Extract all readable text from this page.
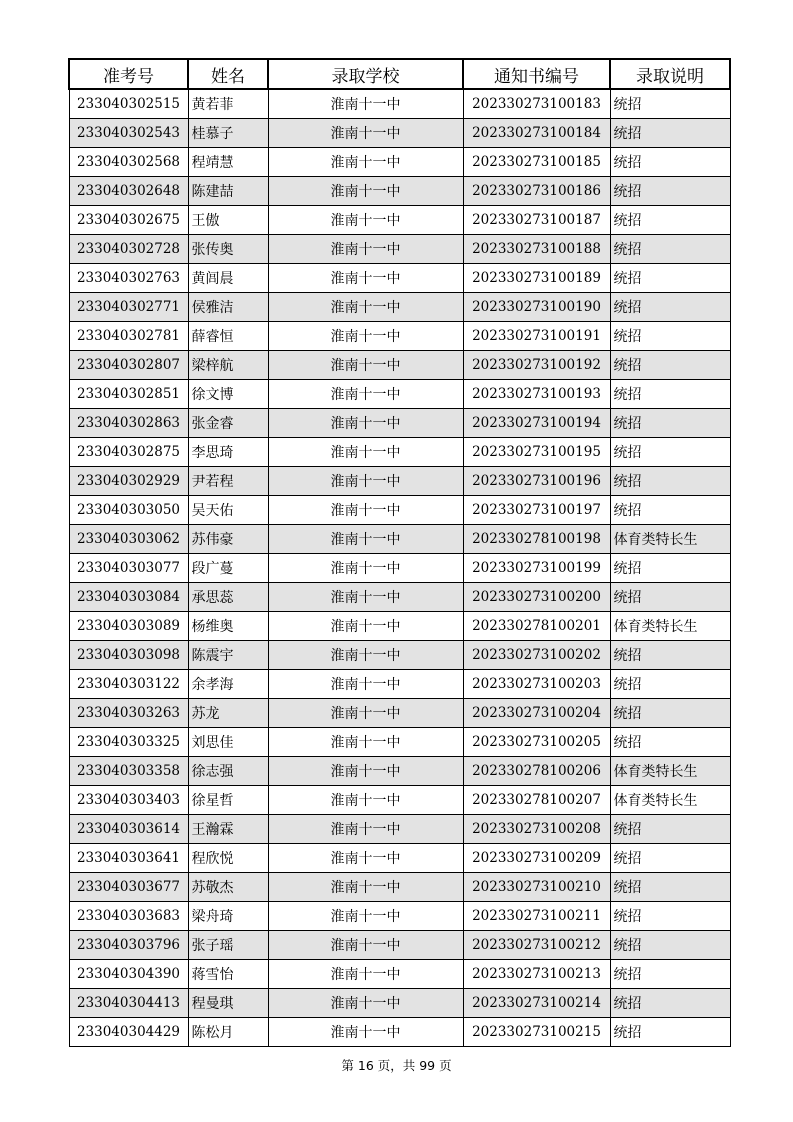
准考号	姓名	录取学校	通知书编号	录取说明
233040302515	黄若菲	淮南十一中	202330273100183	统招
233040302543	桂慕子	淮南十一中	202330273100184	统招
233040302568	程靖慧	淮南十一中	202330273100185	统招
233040302648	陈建喆	淮南十一中	202330273100186	统招
233040302675	王傲	淮南十一中	202330273100187	统招
233040302728	张传奥	淮南十一中	202330273100188	统招
233040302763	黄闾晨	淮南十一中	202330273100189	统招
233040302771	侯雅洁	淮南十一中	202330273100190	统招
233040302781	薛睿恒	淮南十一中	202330273100191	统招
233040302807	梁梓航	淮南十一中	202330273100192	统招
233040302851	徐文博	淮南十一中	202330273100193	统招
233040302863	张金睿	淮南十一中	202330273100194	统招
233040302875	李思琦	淮南十一中	202330273100195	统招
233040302929	尹若程	淮南十一中	202330273100196	统招
233040303050	吴天佑	淮南十一中	202330273100197	统招
233040303062	苏伟豪	淮南十一中	202330278100198	体育类特长生
233040303077	段广蔓	淮南十一中	202330273100199	统招
233040303084	承思蕊	淮南十一中	202330273100200	统招
233040303089	杨维奥	淮南十一中	202330278100201	体育类特长生
233040303098	陈震宇	淮南十一中	202330273100202	统招
233040303122	余孝海	淮南十一中	202330273100203	统招
233040303263	苏龙	淮南十一中	202330273100204	统招
233040303325	刘思佳	淮南十一中	202330273100205	统招
233040303358	徐志强	淮南十一中	202330278100206	体育类特长生
233040303403	徐星哲	淮南十一中	202330278100207	体育类特长生
233040303614	王瀚霖	淮南十一中	202330273100208	统招
233040303641	程欣悦	淮南十一中	202330273100209	统招
233040303677	苏敬杰	淮南十一中	202330273100210	统招
233040303683	梁舟琦	淮南十一中	202330273100211	统招
233040303796	张子瑶	淮南十一中	202330273100212	统招
233040304390	蒋雪怡	淮南十一中	202330273100213	统招
233040304413	程曼琪	淮南十一中	202330273100214	统招
233040304429	陈松月	淮南十一中	202330273100215	统招
第 16 页，共 99 页
